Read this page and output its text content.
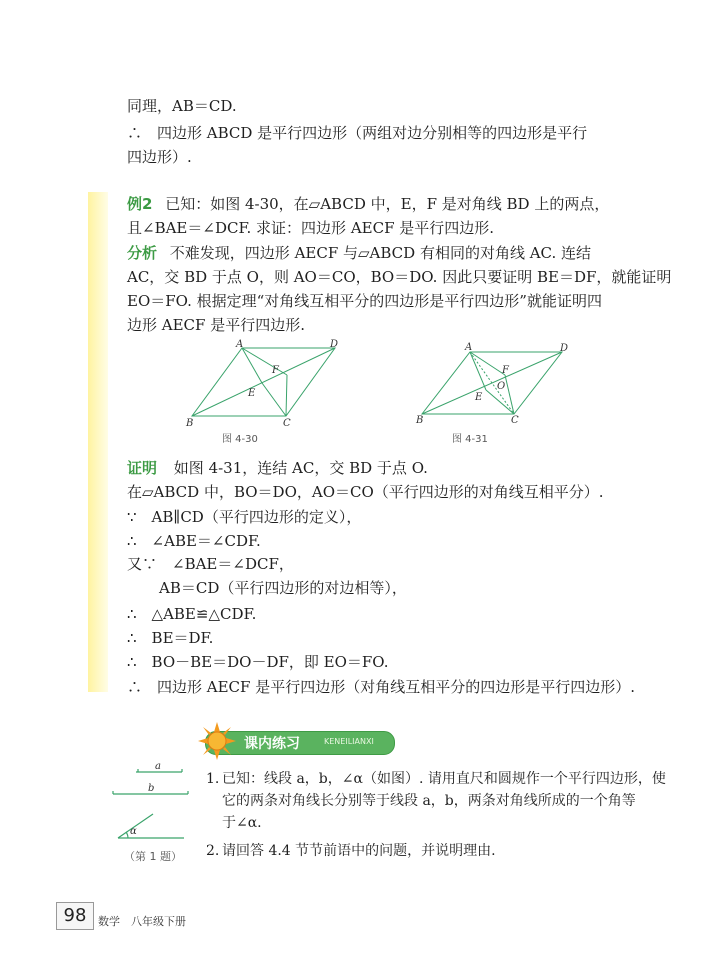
同理，AB＝CD.
∴　四边形 ABCD 是平行四边形（两组对边分别相等的四边形是平行
四边形）.
例2 已知：如图 4-30，在▱ABCD 中，E，F 是对角线 BD 上的两点，
且∠BAE＝∠DCF. 求证：四边形 AECF 是平行四边形.
分析 不难发现，四边形 AECF 与▱ABCD 有相同的对角线 AC. 连结
AC，交 BD 于点 O，则 AO＝CO，BO＝DO. 因此只要证明 BE＝DF，就能证明
EO＝FO. 根据定理“对角线互相平分的四边形是平行四边形”就能证明四
边形 AECF 是平行四边形.
A	D
B	C
E
F
图 4-30
A	D
B	C
E
F
O
图 4-31
证明 如图 4-31，连结 AC，交 BD 于点 O.
在▱ABCD 中，BO＝DO，AO＝CO（平行四边形的对角线互相平分）.
∵　AB∥CD（平行四边形的定义），
∴　∠ABE＝∠CDF.
又∵　∠BAE＝∠DCF，
AB＝CD（平行四边形的对边相等），
∴　△ABE≌△CDF.
∴　BE＝DF.
∴　BO－BE＝DO－DF，即 EO＝FO.
∴　四边形 AECF 是平行四边形（对角线互相平分的四边形是平行四边形）.
课内练习	KENEILIANXI
a
b
α
（第 1 题）
1. 已知：线段 a，b，∠α（如图）. 请用直尺和圆规作一个平行四边形，使
它的两条对角线长分别等于线段 a，b，两条对角线所成的一个角等
于∠α.
2. 请回答 4.4 节节前语中的问题，并说明理由.
98	数学　八年级下册
